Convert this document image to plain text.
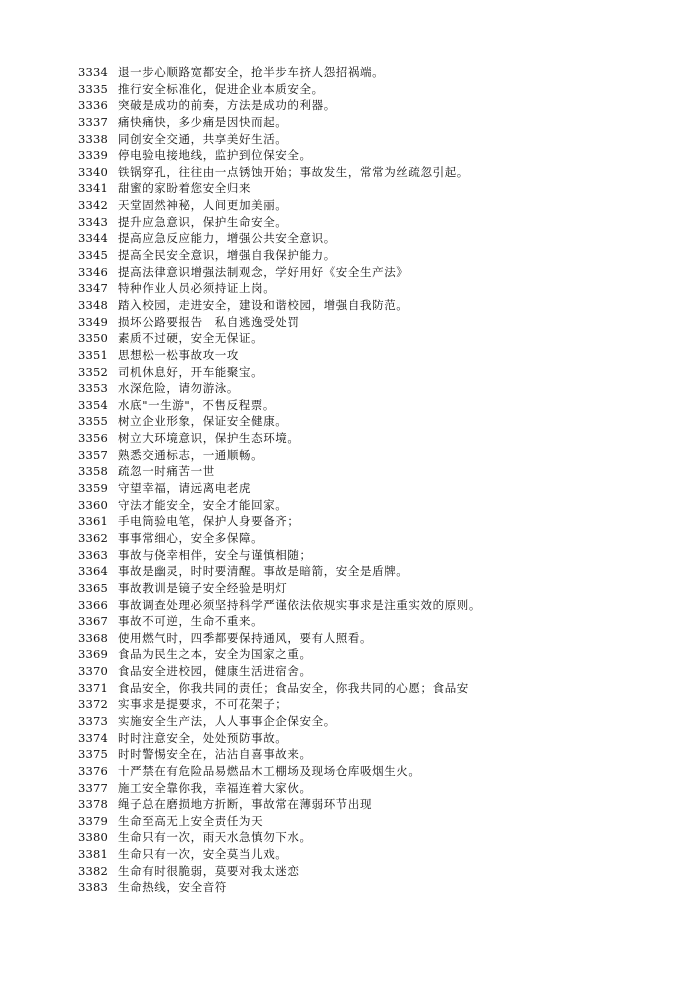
3334 退一步心顺路宽都安全，抢半步车挤人怨招祸端。
3335 推行安全标准化，促进企业本质安全。
3336 突破是成功的前奏，方法是成功的利器。
3337 痛快痛快，多少痛是因快而起。
3338 同创安全交通，共享美好生活。
3339 停电验电接地线，监护到位保安全。
3340 铁锅穿孔，往往由一点锈蚀开始；事故发生，常常为丝疏忽引起。
3341 甜蜜的家盼着您安全归来
3342 天堂固然神秘，人间更加美丽。
3343 提升应急意识，保护生命安全。
3344 提高应急反应能力，增强公共安全意识。
3345 提高全民安全意识，增强自我保护能力。
3346 提高法律意识增强法制观念，学好用好《安全生产法》
3347 特种作业人员必须持证上岗。
3348 踏入校园，走进安全，建设和谐校园，增强自我防范。
3349 损坏公路要报告　私自逃逸受处罚
3350 素质不过硬，安全无保证。
3351 思想松一松事故攻一攻
3352 司机休息好，开车能聚宝。
3353 水深危险，请勿游泳。
3354 水底"一生游"，不售反程票。
3355 树立企业形象，保证安全健康。
3356 树立大环境意识，保护生态环境。
3357 熟悉交通标志，一通顺畅。
3358 疏忽一时痛苦一世
3359 守望幸福，请远离电老虎
3360 守法才能安全，安全才能回家。
3361 手电筒验电笔，保护人身要备齐；
3362 事事常细心，安全多保障。
3363 事故与侥幸相伴，安全与谨慎相随；
3364 事故是幽灵，时时要清醒。事故是暗箭，安全是盾牌。
3365 事故教训是镜子安全经验是明灯
3366 事故调查处理必须坚持科学严谨依法依规实事求是注重实效的原则。
3367 事故不可逆，生命不重来。
3368 使用燃气时，四季都要保持通风，要有人照看。
3369 食品为民生之本，安全为国家之重。
3370 食品安全进校园，健康生活进宿舍。
3371 食品安全，你我共同的责任；食品安全，你我共同的心愿；食品安
3372 实事求是提要求，不可花架子；
3373 实施安全生产法，人人事事企企保安全。
3374 时时注意安全，处处预防事故。
3375 时时警惕安全在，沾沾自喜事故来。
3376 十严禁在有危险品易燃品木工棚场及现场仓库吸烟生火。
3377 施工安全靠你我，幸福连着大家伙。
3378 绳子总在磨损地方折断，事故常在薄弱环节出现
3379 生命至高无上安全责任为天
3380 生命只有一次，雨天水急慎勿下水。
3381 生命只有一次，安全莫当儿戏。
3382 生命有时很脆弱，莫要对我太迷恋
3383 生命热线，安全音符
